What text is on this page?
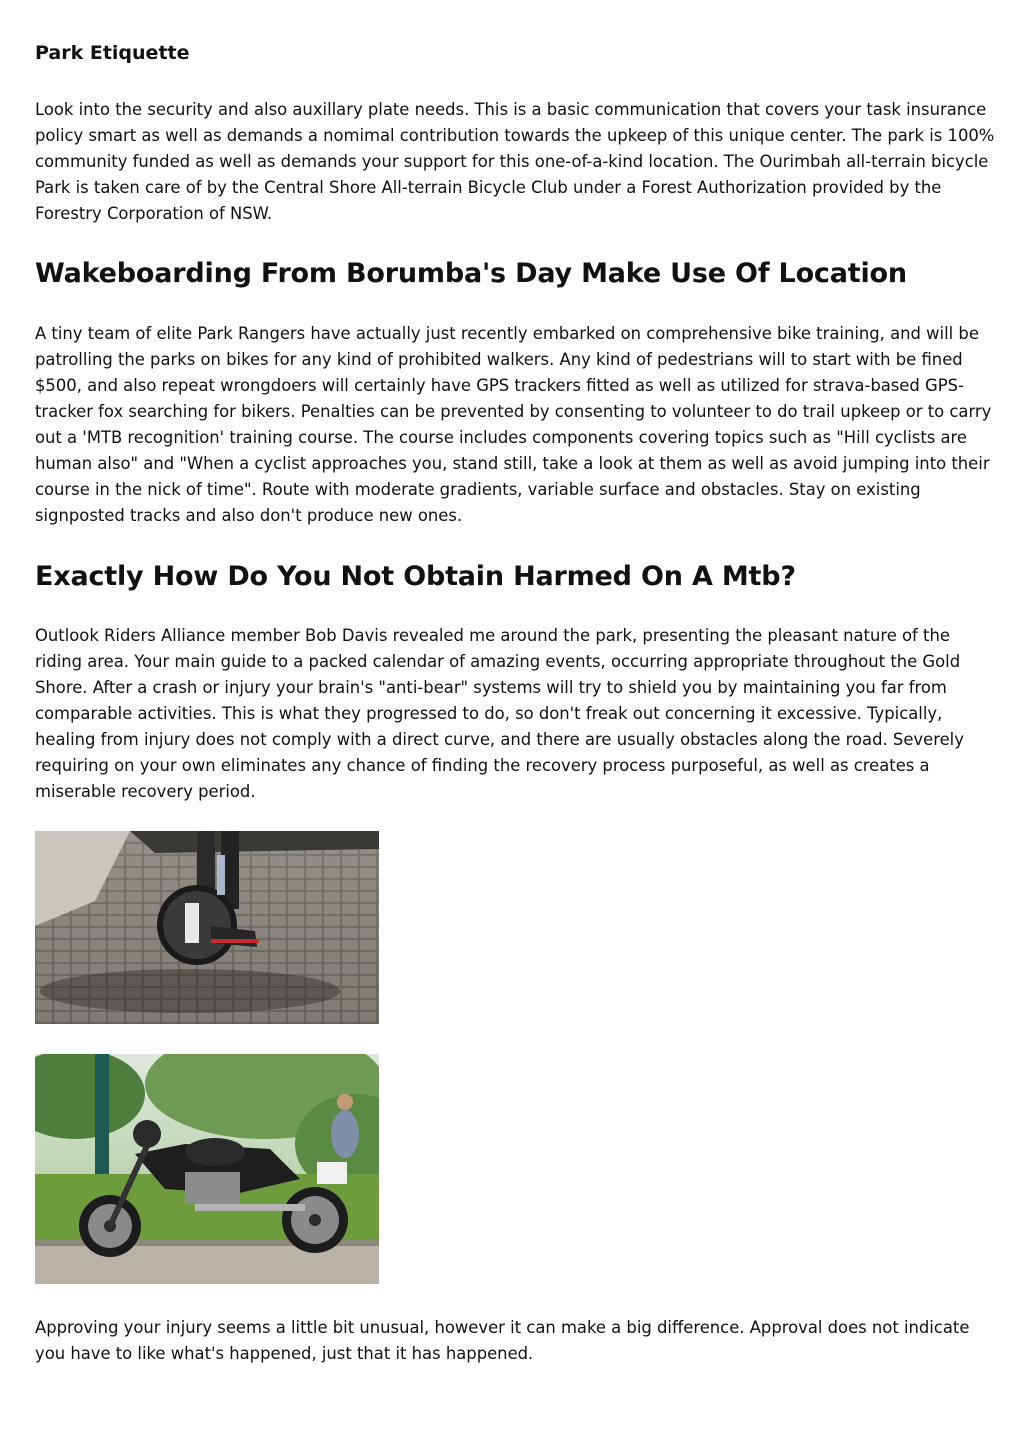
Park Etiquette

Look into the security and also auxillary plate needs. This is a basic communication that covers your task insurance policy smart as well as demands a nomimal contribution towards the upkeep of this unique center. The park is 100% community funded as well as demands your support for this one-of-a-kind location. The Ourimbah all-terrain bicycle Park is taken care of by the Central Shore All-terrain Bicycle Club under a Forest Authorization provided by the Forestry Corporation of NSW.

Wakeboarding From Borumba's Day Make Use Of Location

A tiny team of elite Park Rangers have actually just recently embarked on comprehensive bike training, and will be patrolling the parks on bikes for any kind of prohibited walkers. Any kind of pedestrians will to start with be fined $500, and also repeat wrongdoers will certainly have GPS trackers fitted as well as utilized for strava-based GPS-tracker fox searching for bikers. Penalties can be prevented by consenting to volunteer to do trail upkeep or to carry out a 'MTB recognition' training course. The course includes components covering topics such as "Hill cyclists are human also" and "When a cyclist approaches you, stand still, take a look at them as well as avoid jumping into their course in the nick of time". Route with moderate gradients, variable surface and obstacles. Stay on existing signposted tracks and also don't produce new ones.

Exactly How Do You Not Obtain Harmed On A Mtb?

Outlook Riders Alliance member Bob Davis revealed me around the park, presenting the pleasant nature of the riding area. Your main guide to a packed calendar of amazing events, occurring appropriate throughout the Gold Shore. After a crash or injury your brain's "anti-bear" systems will try to shield you by maintaining you far from comparable activities. This is what they progressed to do, so don't freak out concerning it excessive. Typically, healing from injury does not comply with a direct curve, and there are usually obstacles along the road. Severely requiring on your own eliminates any chance of finding the recovery process purposeful, as well as creates a miserable recovery period.

Approving your injury seems a little bit unusual, however it can make a big difference. Approval does not indicate you have to like what's happened, just that it has happened.
